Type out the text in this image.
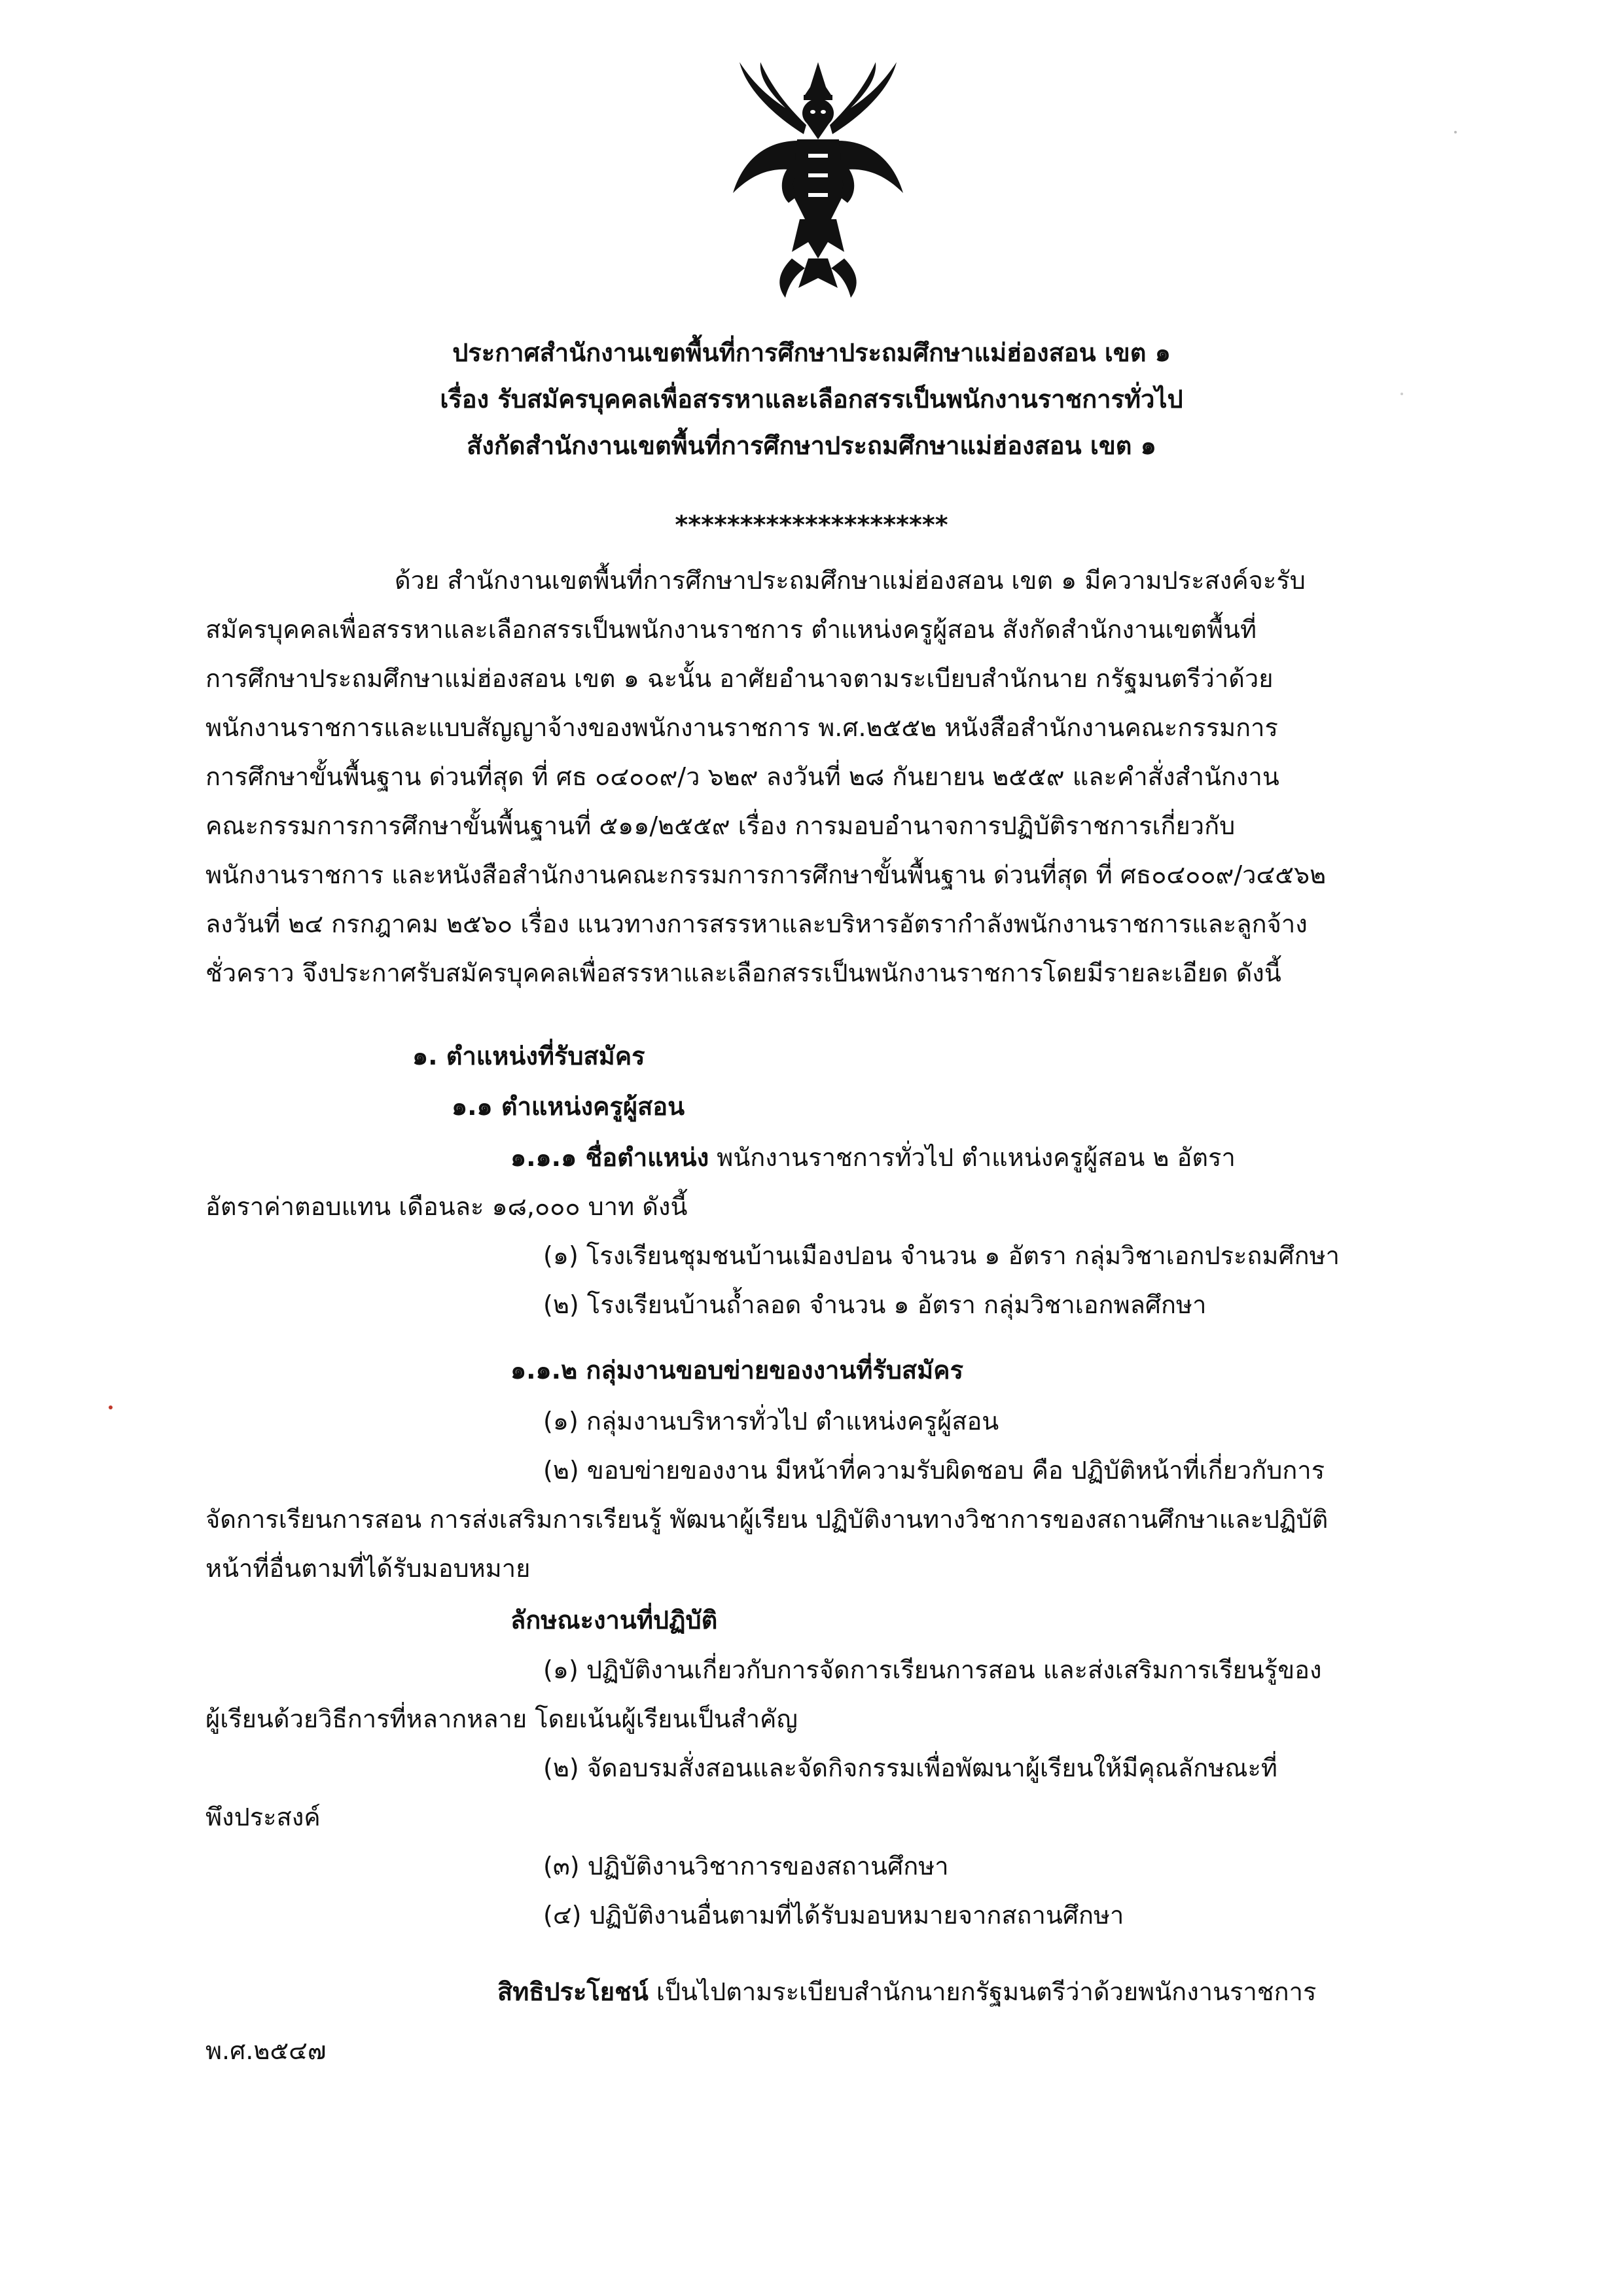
ประกาศสำนักงานเขตพื้นที่การศึกษาประถมศึกษาแม่ฮ่องสอน เขต ๑
เรื่อง รับสมัครบุคคลเพื่อสรรหาและเลือกสรรเป็นพนักงานราชการทั่วไป
สังกัดสำนักงานเขตพื้นที่การศึกษาประถมศึกษาแม่ฮ่องสอน เขต ๑
*********************
ด้วย สำนักงานเขตพื้นที่การศึกษาประถมศึกษาแม่ฮ่องสอน เขต ๑ มีความประสงค์จะรับ
สมัครบุคคลเพื่อสรรหาและเลือกสรรเป็นพนักงานราชการ ตำแหน่งครูผู้สอน สังกัดสำนักงานเขตพื้นที่
การศึกษาประถมศึกษาแม่ฮ่องสอน เขต ๑ ฉะนั้น อาศัยอำนาจตามระเบียบสำนักนาย กรัฐมนตรีว่าด้วย
พนักงานราชการและแบบสัญญาจ้างของพนักงานราชการ พ.ศ.๒๕๕๒ หนังสือสำนักงานคณะกรรมการ
การศึกษาขั้นพื้นฐาน ด่วนที่สุด ที่ ศธ ๐๔๐๐๙/ว ๖๒๙ ลงวันที่ ๒๘ กันยายน ๒๕๕๙ และคำสั่งสำนักงาน
คณะกรรมการการศึกษาขั้นพื้นฐานที่ ๕๑๑/๒๕๕๙ เรื่อง การมอบอำนาจการปฏิบัติราชการเกี่ยวกับ
พนักงานราชการ และหนังสือสำนักงานคณะกรรมการการศึกษาขั้นพื้นฐาน ด่วนที่สุด ที่ ศธ๐๔๐๐๙/ว๔๕๖๒
ลงวันที่ ๒๔ กรกฎาคม ๒๕๖๐ เรื่อง แนวทางการสรรหาและบริหารอัตรากำลังพนักงานราชการและลูกจ้าง
ชั่วคราว จึงประกาศรับสมัครบุคคลเพื่อสรรหาและเลือกสรรเป็นพนักงานราชการโดยมีรายละเอียด ดังนี้
๑. ตำแหน่งที่รับสมัคร
๑.๑ ตำแหน่งครูผู้สอน
๑.๑.๑ ชื่อตำแหน่ง พนักงานราชการทั่วไป ตำแหน่งครูผู้สอน ๒ อัตรา
อัตราค่าตอบแทน เดือนละ ๑๘,๐๐๐ บาท ดังนี้
(๑) โรงเรียนชุมชนบ้านเมืองปอน จำนวน ๑ อัตรา กลุ่มวิชาเอกประถมศึกษา
(๒) โรงเรียนบ้านถ้ำลอด จำนวน ๑ อัตรา กลุ่มวิชาเอกพลศึกษา
๑.๑.๒ กลุ่มงานขอบข่ายของงานที่รับสมัคร
(๑) กลุ่มงานบริหารทั่วไป ตำแหน่งครูผู้สอน
(๒) ขอบข่ายของงาน มีหน้าที่ความรับผิดชอบ คือ ปฏิบัติหน้าที่เกี่ยวกับการ
จัดการเรียนการสอน การส่งเสริมการเรียนรู้ พัฒนาผู้เรียน ปฏิบัติงานทางวิชาการของสถานศึกษาและปฏิบัติ
หน้าที่อื่นตามที่ได้รับมอบหมาย
ลักษณะงานที่ปฏิบัติ
(๑) ปฏิบัติงานเกี่ยวกับการจัดการเรียนการสอน และส่งเสริมการเรียนรู้ของ
ผู้เรียนด้วยวิธีการที่หลากหลาย โดยเน้นผู้เรียนเป็นสำคัญ
(๒) จัดอบรมสั่งสอนและจัดกิจกรรมเพื่อพัฒนาผู้เรียนให้มีคุณลักษณะที่
พึงประสงค์
(๓) ปฏิบัติงานวิชาการของสถานศึกษา
(๔) ปฏิบัติงานอื่นตามที่ได้รับมอบหมายจากสถานศึกษา
สิทธิประโยชน์ เป็นไปตามระเบียบสำนักนายกรัฐมนตรีว่าด้วยพนักงานราชการ
พ.ศ.๒๕๔๗
